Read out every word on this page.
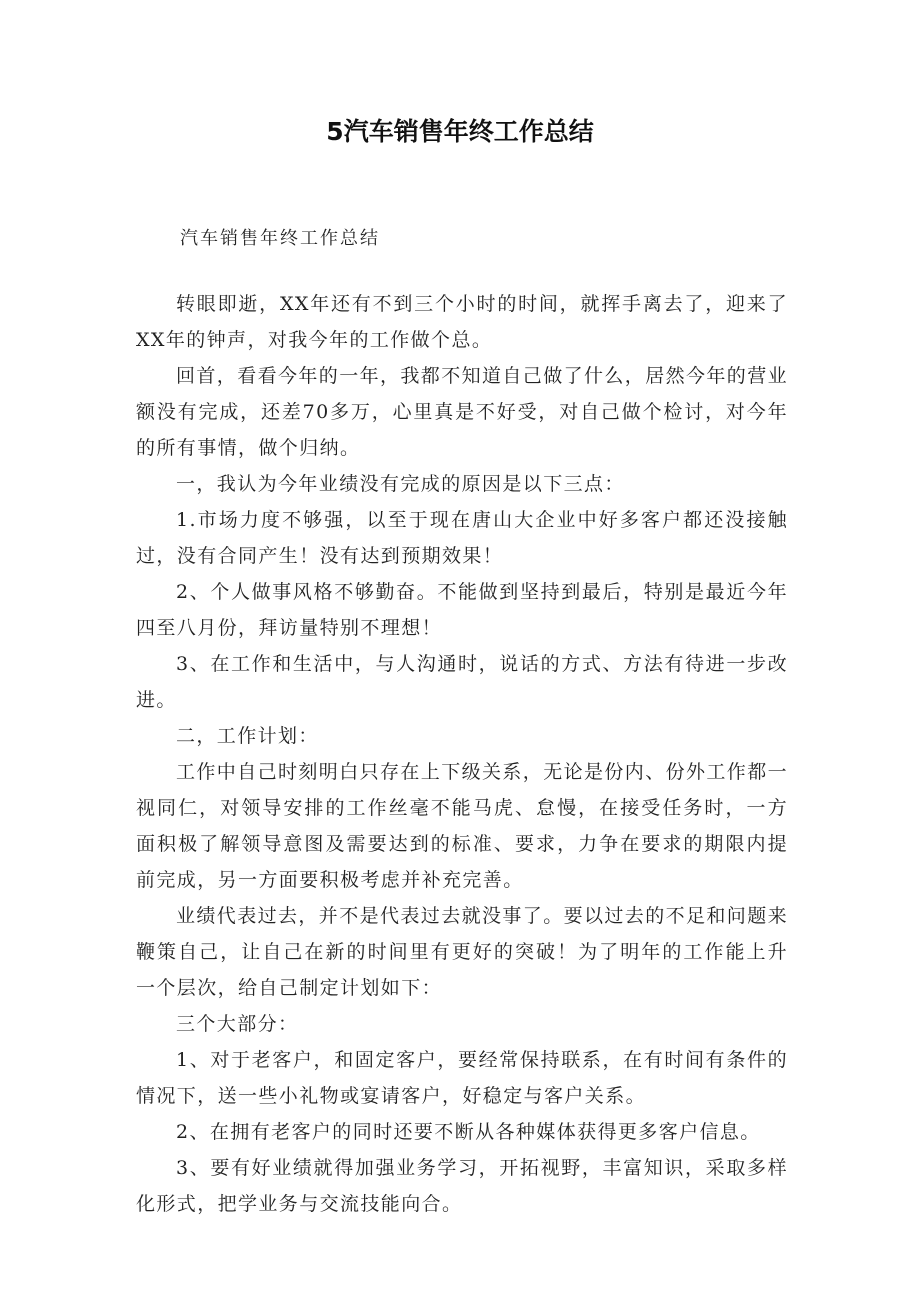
5汽车销售年终工作总结
汽车销售年终工作总结

转眼即逝，XX年还有不到三个小时的时间，就挥手离去了，迎来了XX年的钟声，对我今年的工作做个总。

回首，看看今年的一年，我都不知道自己做了什么，居然今年的营业额没有完成，还差70多万，心里真是不好受，对自己做个检讨，对今年的所有事情，做个归纳。

一，我认为今年业绩没有完成的原因是以下三点：

1.市场力度不够强，以至于现在唐山大企业中好多客户都还没接触过，没有合同产生！没有达到预期效果！

2、个人做事风格不够勤奋。不能做到坚持到最后，特别是最近今年四至八月份，拜访量特别不理想！

3、在工作和生活中，与人沟通时，说话的方式、方法有待进一步改进。

二，工作计划：

工作中自己时刻明白只存在上下级关系，无论是份内、份外工作都一视同仁，对领导安排的工作丝毫不能马虎、怠慢，在接受任务时，一方面积极了解领导意图及需要达到的标准、要求，力争在要求的期限内提前完成，另一方面要积极考虑并补充完善。

业绩代表过去，并不是代表过去就没事了。要以过去的不足和问题来鞭策自己，让自己在新的时间里有更好的突破！为了明年的工作能上升一个层次，给自己制定计划如下：

三个大部分：

1、对于老客户，和固定客户，要经常保持联系，在有时间有条件的情况下，送一些小礼物或宴请客户，好稳定与客户关系。

2、在拥有老客户的同时还要不断从各种媒体获得更多客户信息。

3、要有好业绩就得加强业务学习，开拓视野，丰富知识，采取多样化形式，把学业务与交流技能向合。
